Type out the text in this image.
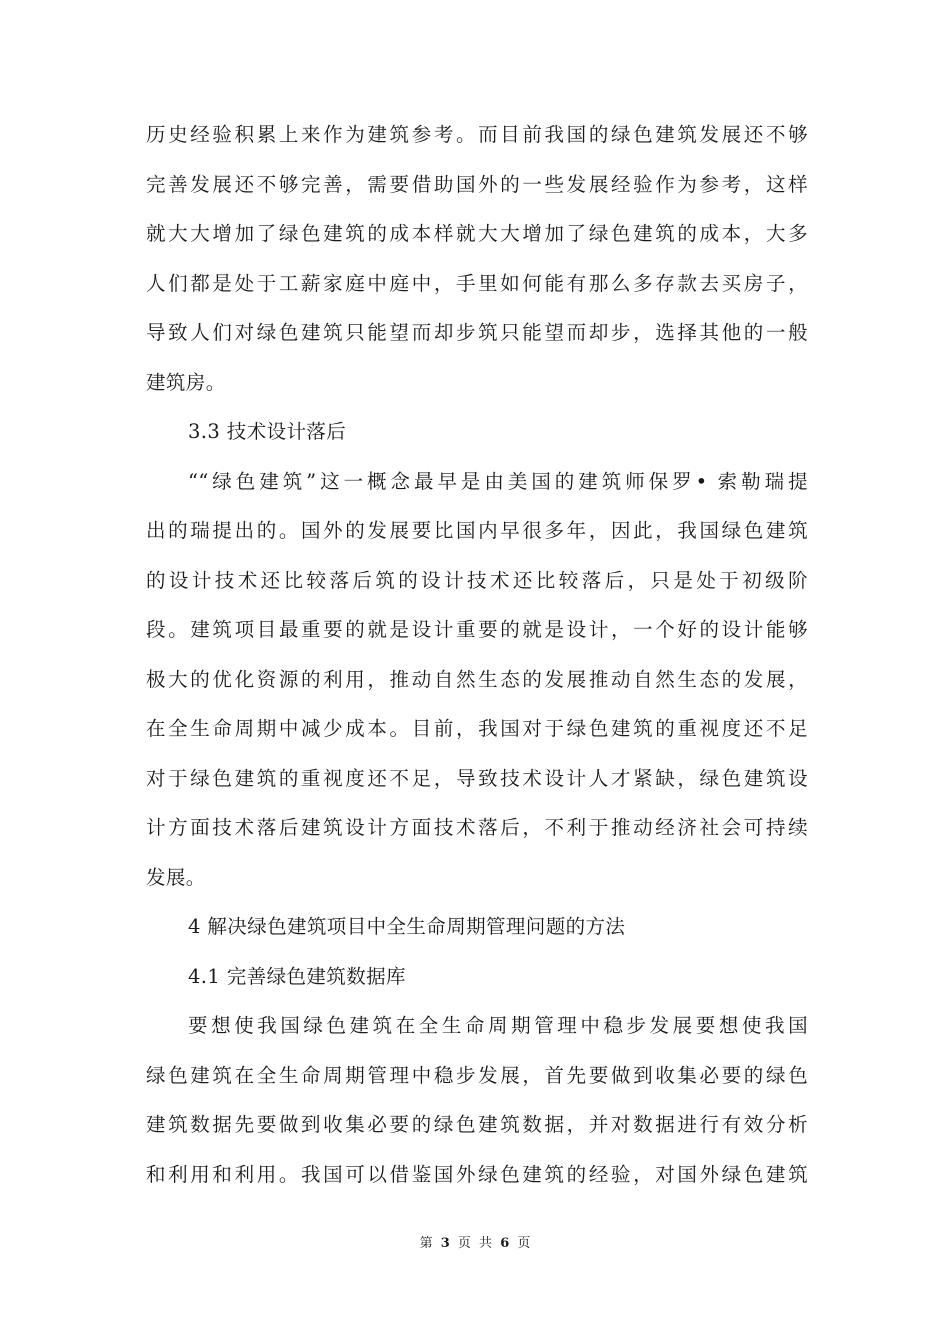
历史经验积累上来作为建筑参考。而目前我国的绿色建筑发展还不够
完善发展还不够完善，需要借助国外的一些发展经验作为参考，这样
就大大增加了绿色建筑的成本样就大大增加了绿色建筑的成本，大多
人们都是处于工薪家庭中庭中，手里如何能有那么多存款去买房子，
导致人们对绿色建筑只能望而却步筑只能望而却步，选择其他的一般
建筑房。
3.3 技术设计落后
““绿色建筑”这一概念最早是由美国的建筑师保罗• 索勒瑞提
出的瑞提出的。国外的发展要比国内早很多年，因此，我国绿色建筑
的设计技术还比较落后筑的设计技术还比较落后，只是处于初级阶
段。建筑项目最重要的就是设计重要的就是设计，一个好的设计能够
极大的优化资源的利用，推动自然生态的发展推动自然生态的发展，
在全生命周期中减少成本。目前，我国对于绿色建筑的重视度还不足
对于绿色建筑的重视度还不足，导致技术设计人才紧缺，绿色建筑设
计方面技术落后建筑设计方面技术落后，不利于推动经济社会可持续
发展。
4 解决绿色建筑项目中全生命周期管理问题的方法
4.1 完善绿色建筑数据库
要想使我国绿色建筑在全生命周期管理中稳步发展要想使我国
绿色建筑在全生命周期管理中稳步发展，首先要做到收集必要的绿色
建筑数据先要做到收集必要的绿色建筑数据，并对数据进行有效分析
和利用和利用。我国可以借鉴国外绿色建筑的经验，对国外绿色建筑
第 3 页 共 6 页
